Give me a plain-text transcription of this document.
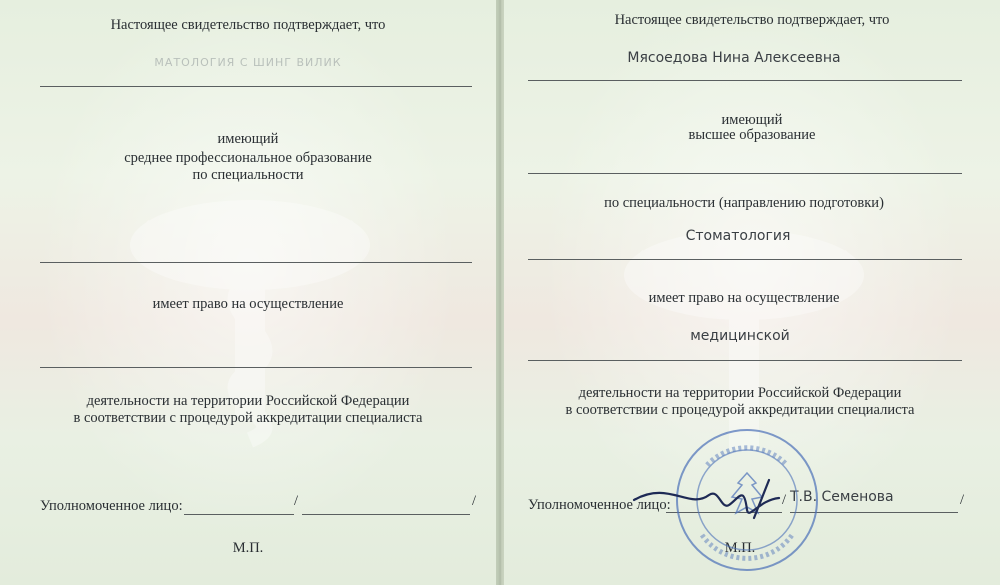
Настоящее свидетельство подтверждает, что
МАТОЛОГИЯ С ШИНГ ВИЛИК
имеющий
среднее профессиональное образование
по специальности
имеет право на осуществление
деятельности на территории Российской Федерации
в соответствии с процедурой аккредитации специалиста
Уполномоченное лицо:	/	/
М.П.
Настоящее свидетельство подтверждает, что
Мясоедова Нина Алексеевна
имеющий
высшее образование
по специальности (направлению подготовки)
Стоматология
имеет право на осуществление
медицинской
деятельности на территории Российской Федерации
в соответствии с процедурой аккредитации специалиста
Уполномоченное лицо:	/ Т.В. Семенова	/
М.П.
